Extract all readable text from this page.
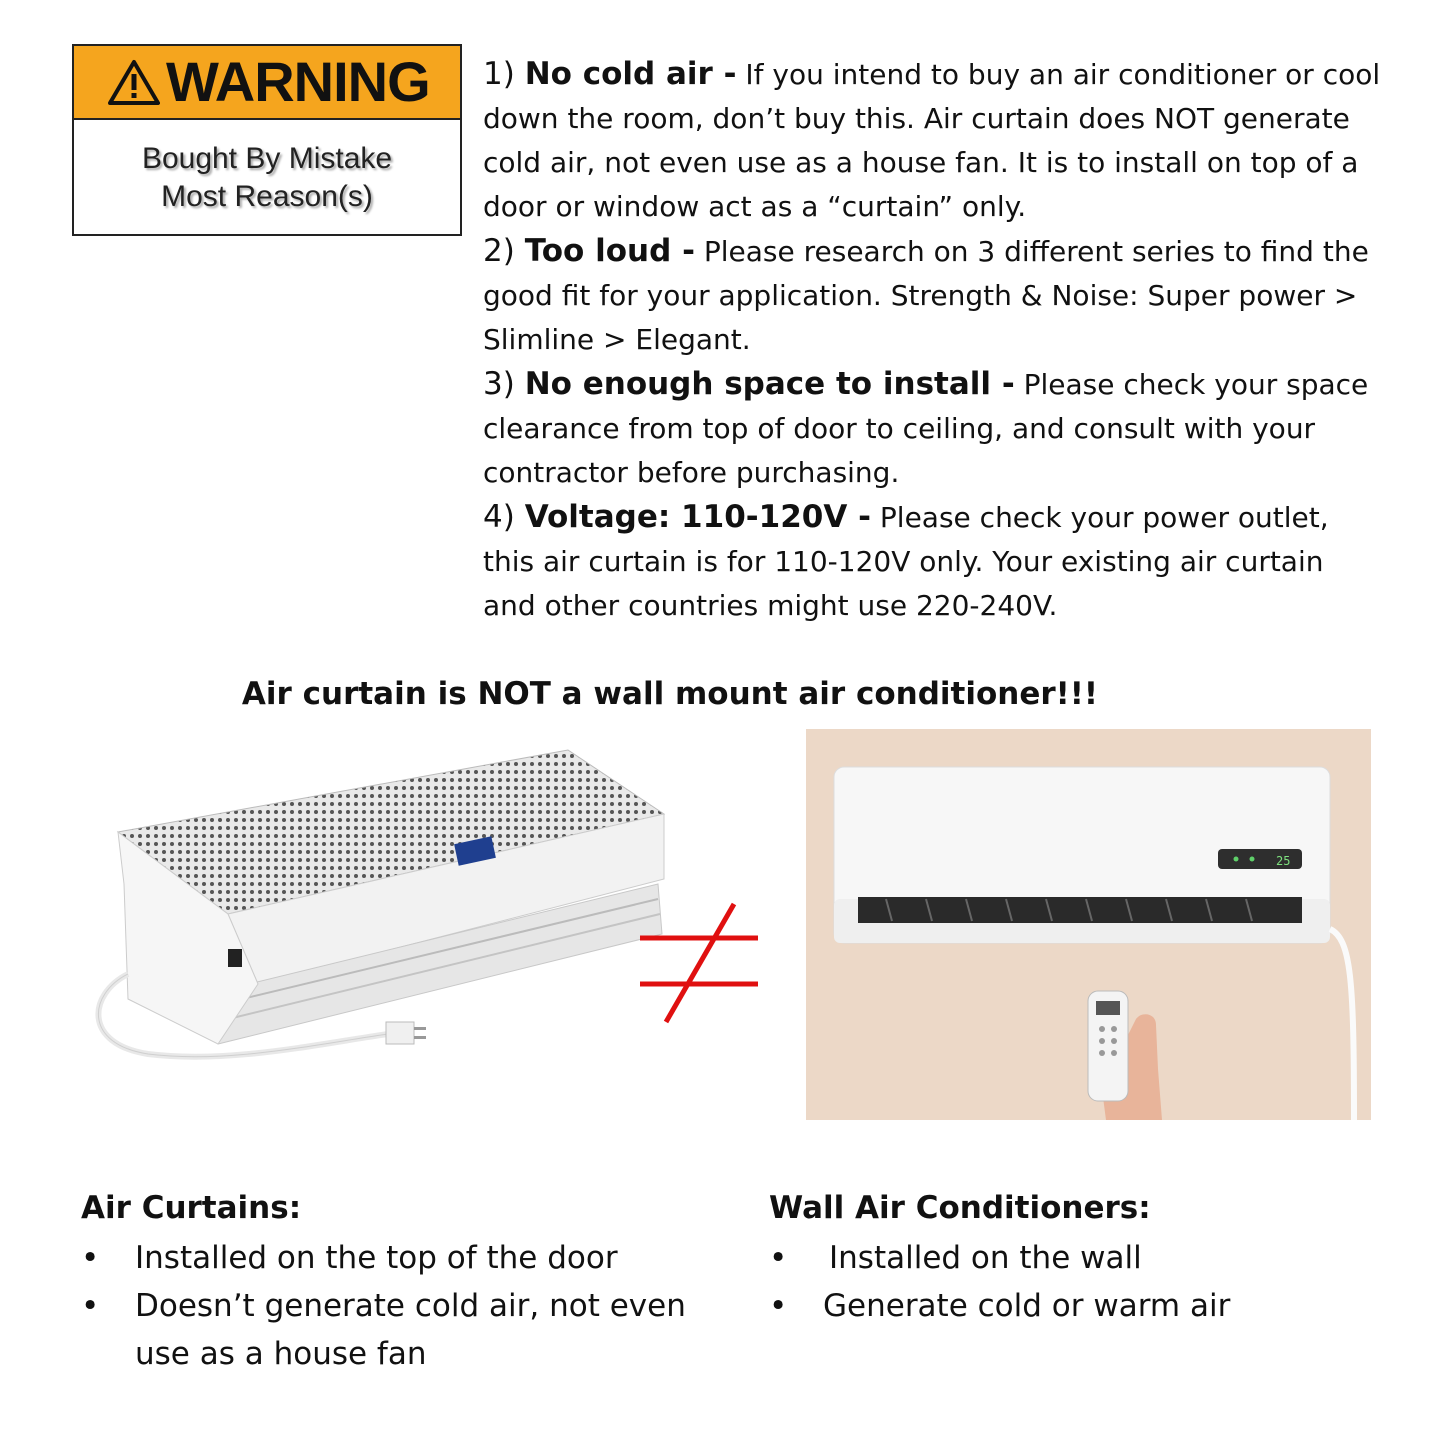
WARNING
Bought By Mistake
Most Reason(s)

1) No cold air - If you intend to buy an air conditioner or cool down the room, don’t buy this. Air curtain does NOT generate cold air, not even use as a house fan. It is to install on top of a door or window act as a “curtain” only.

2) Too loud - Please research on 3 different series to find the good fit for your application. Strength & Noise: Super power > Slimline > Elegant.

3) No enough space to install - Please check your space clearance from top of door to ceiling, and consult with your contractor before purchasing.

4) Voltage: 110-120V - Please check your power outlet, this air curtain is for 110-120V only. Your existing air curtain and other countries might use 220-240V.

Air curtain is NOT a wall mount air conditioner!!!
25
Air Curtains:
• Installed on the top of the door
• Doesn’t generate cold air, not even use as a house fan
Wall Air Conditioners:
• Installed on the wall
• Generate cold or warm air
